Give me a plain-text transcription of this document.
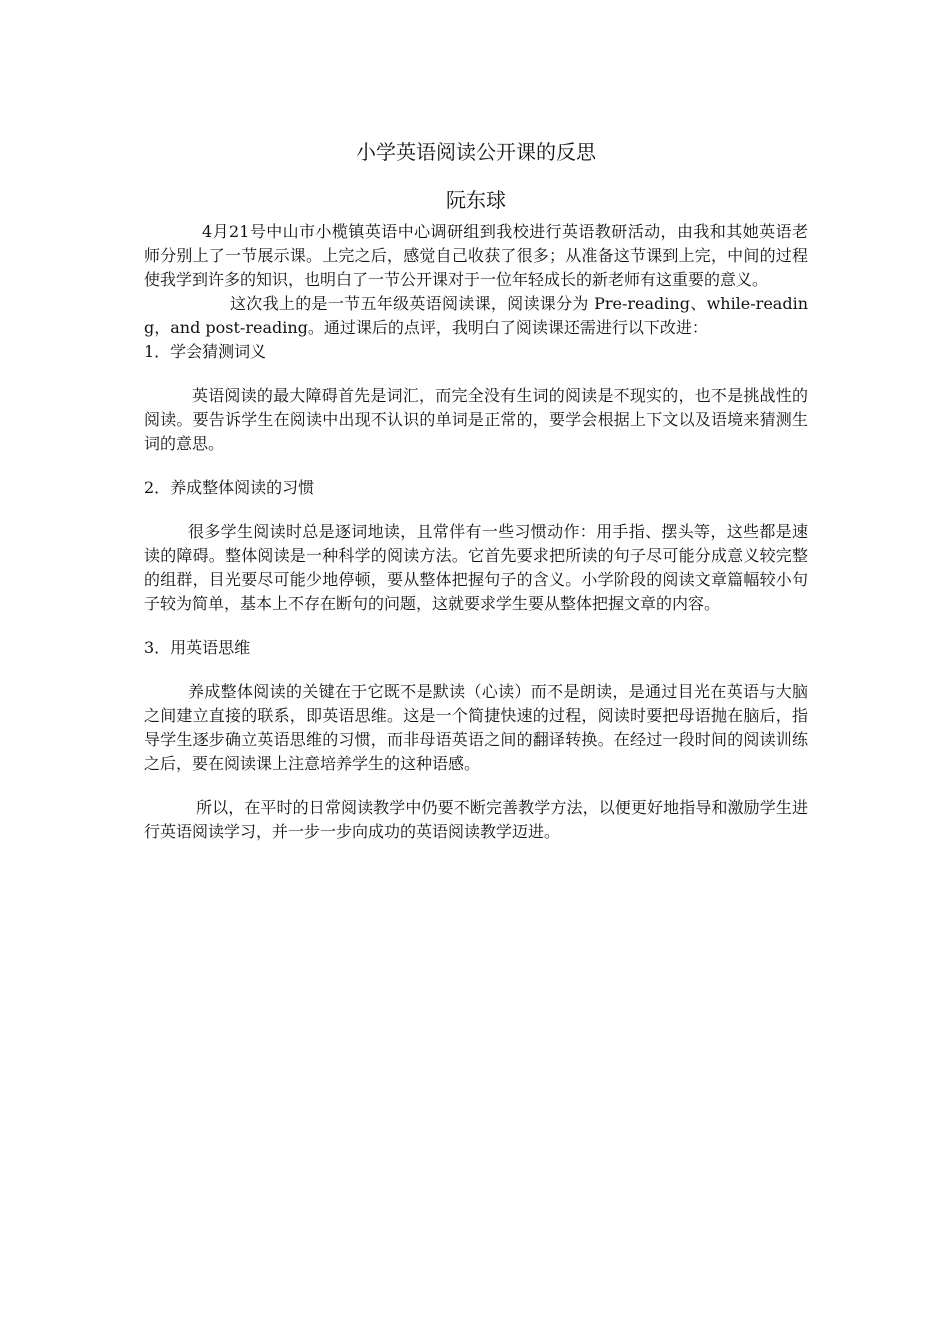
小学英语阅读公开课的反思
阮东球

4月21号中山市小榄镇英语中心调研组到我校进行英语教研活动，由我和其她英语老师分别上了一节展示课。上完之后，感觉自己收获了很多；从准备这节课到上完，中间的过程使我学到许多的知识，也明白了一节公开课对于一位年轻成长的新老师有这重要的意义。

这次我上的是一节五年级英语阅读课，阅读课分为 Pre-reading、while-reading，and post-reading。通过课后的点评，我明白了阅读课还需进行以下改进：

1．学会猜测词义

英语阅读的最大障碍首先是词汇，而完全没有生词的阅读是不现实的，也不是挑战性的阅读。要告诉学生在阅读中出现不认识的单词是正常的，要学会根据上下文以及语境来猜测生词的意思。

2．养成整体阅读的习惯

很多学生阅读时总是逐词地读，且常伴有一些习惯动作：用手指、摆头等，这些都是速读的障碍。整体阅读是一种科学的阅读方法。它首先要求把所读的句子尽可能分成意义较完整的组群，目光要尽可能少地停顿，要从整体把握句子的含义。小学阶段的阅读文章篇幅较小句子较为简单，基本上不存在断句的问题，这就要求学生要从整体把握文章的内容。

3．用英语思维

养成整体阅读的关键在于它既不是默读（心读）而不是朗读，是通过目光在英语与大脑之间建立直接的联系，即英语思维。这是一个简捷快速的过程，阅读时要把母语抛在脑后，指导学生逐步确立英语思维的习惯，而非母语英语之间的翻译转换。在经过一段时间的阅读训练之后，要在阅读课上注意培养学生的这种语感。

所以，在平时的日常阅读教学中仍要不断完善教学方法，以便更好地指导和激励学生进行英语阅读学习，并一步一步向成功的英语阅读教学迈进。
